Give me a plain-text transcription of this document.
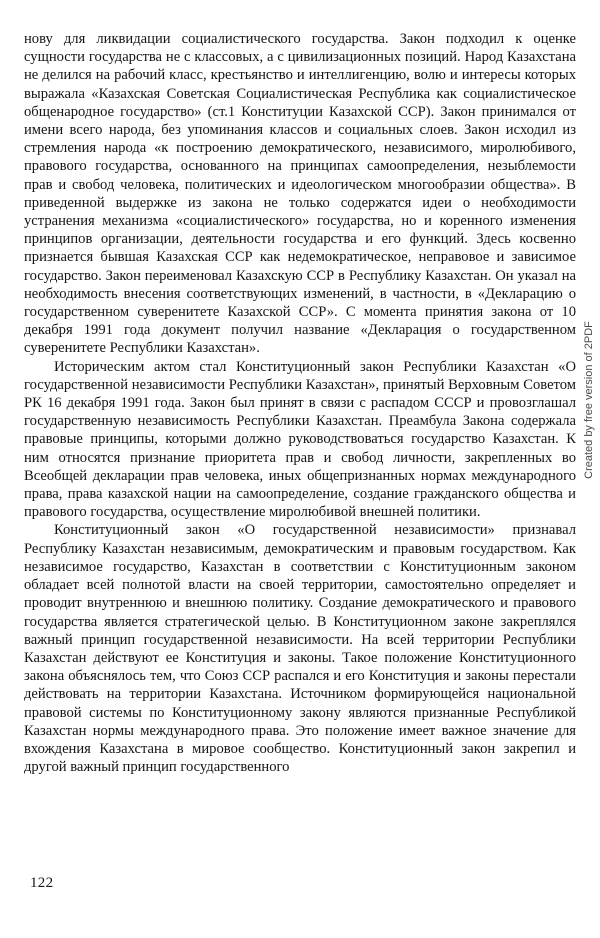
нову для ликвидации социалистического государства. Закон подходил к оценке сущности государства не с классовых, а с цивилизационных позиций. Народ Казахстана не делился на рабочий класс, крестьянство и интеллигенцию, волю и интересы которых выражала «Казахская Советская Социалистическая Республика как социалистическое общенародное государство» (ст.1 Конституции Казахской ССР). Закон принимался от имени всего народа, без упоминания классов и социальных слоев. Закон исходил из стремления народа «к построению демократического, независимого, миролюбивого, правового государства, основанного на принципах самоопределения, незыблемости прав и свобод человека, политических и идеологическом многообразии общества». В приведенной выдержке из закона не только содержатся идеи о необходимости устранения механизма «социалистического» государства, но и коренного изменения принципов организации, деятельности государства и его функций. Здесь косвенно признается бывшая Казахская ССР как недемократическое, неправовое и зависимое государство. Закон переименовал Казахскую ССР в Республику Казахстан. Он указал на необходимость внесения соответствующих изменений, в частности, в «Декларацию о государственном суверенитете Казахской ССР». С момента принятия закона от 10 декабря 1991 года документ получил название «Декларация о государственном суверенитете Республики Казахстан».

Историческим актом стал Конституционный закон Республики Казахстан «О государственной независимости Республики Казахстан», принятый Верховным Советом РК 16 декабря 1991 года. Закон был принят в связи с распадом СССР и провозглашал государственную независимость Республики Казахстан. Преамбула Закона содержала правовые принципы, которыми должно руководствоваться государство Казахстан. К ним относятся признание приоритета прав и свобод личности, закрепленных во Всеобщей декларации прав человека, иных общепризнанных нормах международного права, права казахской нации на самоопределение, создание гражданского общества и правового государства, осуществление миролюбивой внешней политики.

Конституционный закон «О государственной независимости» признавал Республику Казахстан независимым, демократическим и правовым государством. Как независимое государство, Казахстан в соответствии с Конституционным законом обладает всей полнотой власти на своей территории, самостоятельно определяет и проводит внутреннюю и внешнюю политику. Создание демократического и правового государства является стратегической целью. В Конституционном законе закреплялся важный принцип государственной независимости. На всей территории Республики Казахстан действуют ее Конституция и законы. Такое положение Конституционного закона объяснялось тем, что Союз ССР распался и его Конституция и законы перестали действовать на территории Казахстана. Источником формирующейся национальной правовой системы по Конституционному закону являются признанные Республикой Казахстан нормы международного права. Это положение имеет важное значение для вхождения Казахстана в мировое сообщество. Конституционный закон закрепил и другой важный принцип государственного

122
Created by free version of 2PDF
